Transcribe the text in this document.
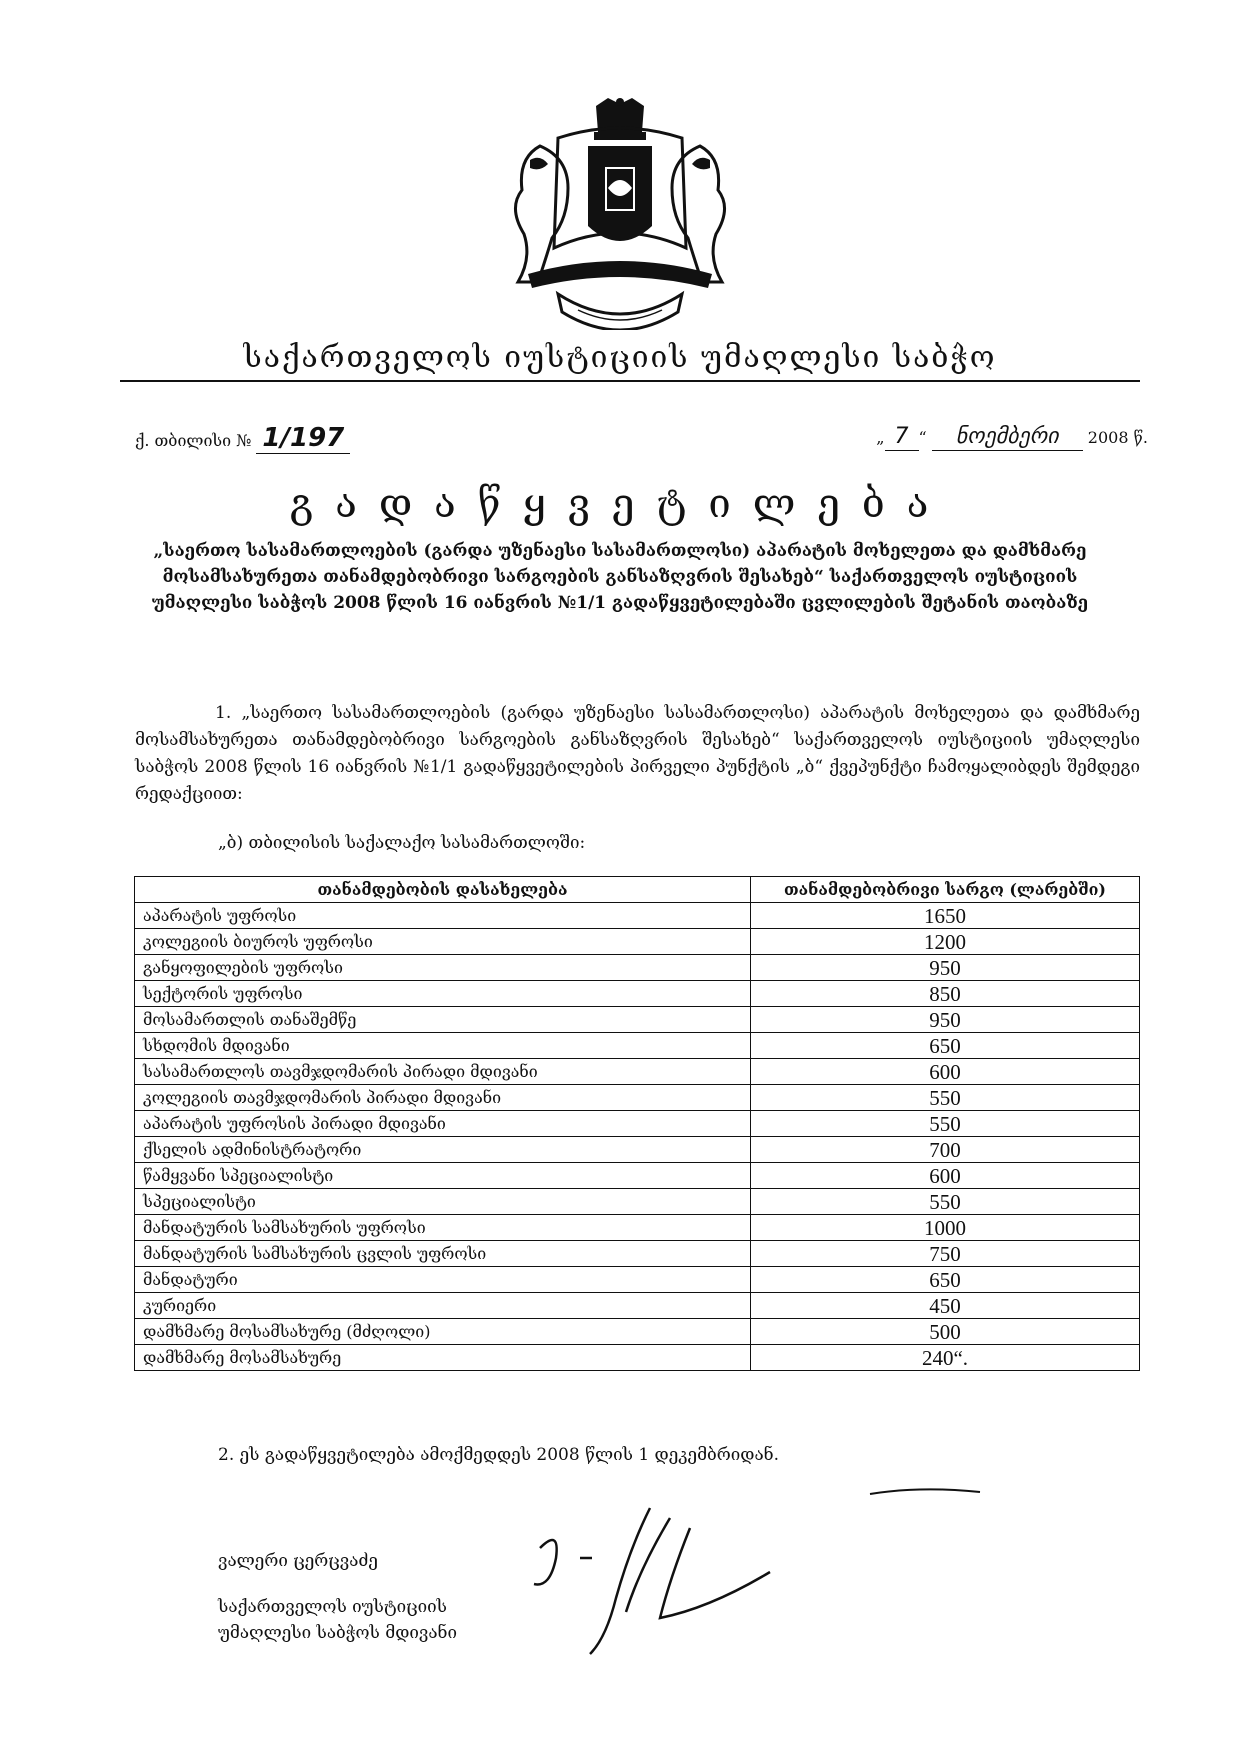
საქართველოს იუსტიციის უმაღლესი საბჭო
ქ. თბილისი № 1/197	„ 7 “ ნოემბერი 2008 წ.
გადაწყვეტილება
„საერთო სასამართლოების (გარდა უზენაესი სასამართლოსი) აპარატის მოხელეთა და დამხმარე მოსამსახურეთა თანამდებობრივი სარგოების განსაზღვრის შესახებ“ საქართველოს იუსტიციის უმაღლესი საბჭოს 2008 წლის 16 იანვრის №1/1 გადაწყვეტილებაში ცვლილების შეტანის თაობაზე
1. „საერთო სასამართლოების (გარდა უზენაესი სასამართლოსი) აპარატის მოხელეთა და დამხმარე მოსამსახურეთა თანამდებობრივი სარგოების განსაზღვრის შესახებ“ საქართველოს იუსტიციის უმაღლესი საბჭოს 2008 წლის 16 იანვრის №1/1 გადაწყვეტილების პირველი პუნქტის „ბ“ ქვეპუნქტი ჩამოყალიბდეს შემდეგი რედაქციით:
„ბ) თბილისის საქალაქო სასამართლოში:
თანამდებობის დასახელება	თანამდებობრივი სარგო (ლარებში)
აპარატის უფროსი	1650
კოლეგიის ბიუროს უფროსი	1200
განყოფილების უფროსი	950
სექტორის უფროსი	850
მოსამართლის თანაშემწე	950
სხდომის მდივანი	650
სასამართლოს თავმჯდომარის პირადი მდივანი	600
კოლეგიის თავმჯდომარის პირადი მდივანი	550
აპარატის უფროსის პირადი მდივანი	550
ქსელის ადმინისტრატორი	700
წამყვანი სპეციალისტი	600
სპეციალისტი	550
მანდატურის სამსახურის უფროსი	1000
მანდატურის სამსახურის ცვლის უფროსი	750
მანდატური	650
კურიერი	450
დამხმარე მოსამსახურე (მძღოლი)	500
დამხმარე მოსამსახურე	240“.
2. ეს გადაწყვეტილება ამოქმედდეს 2008 წლის 1 დეკემბრიდან.
ვალერი ცერცვაძე
საქართველოს იუსტიციის
უმაღლესი საბჭოს მდივანი
